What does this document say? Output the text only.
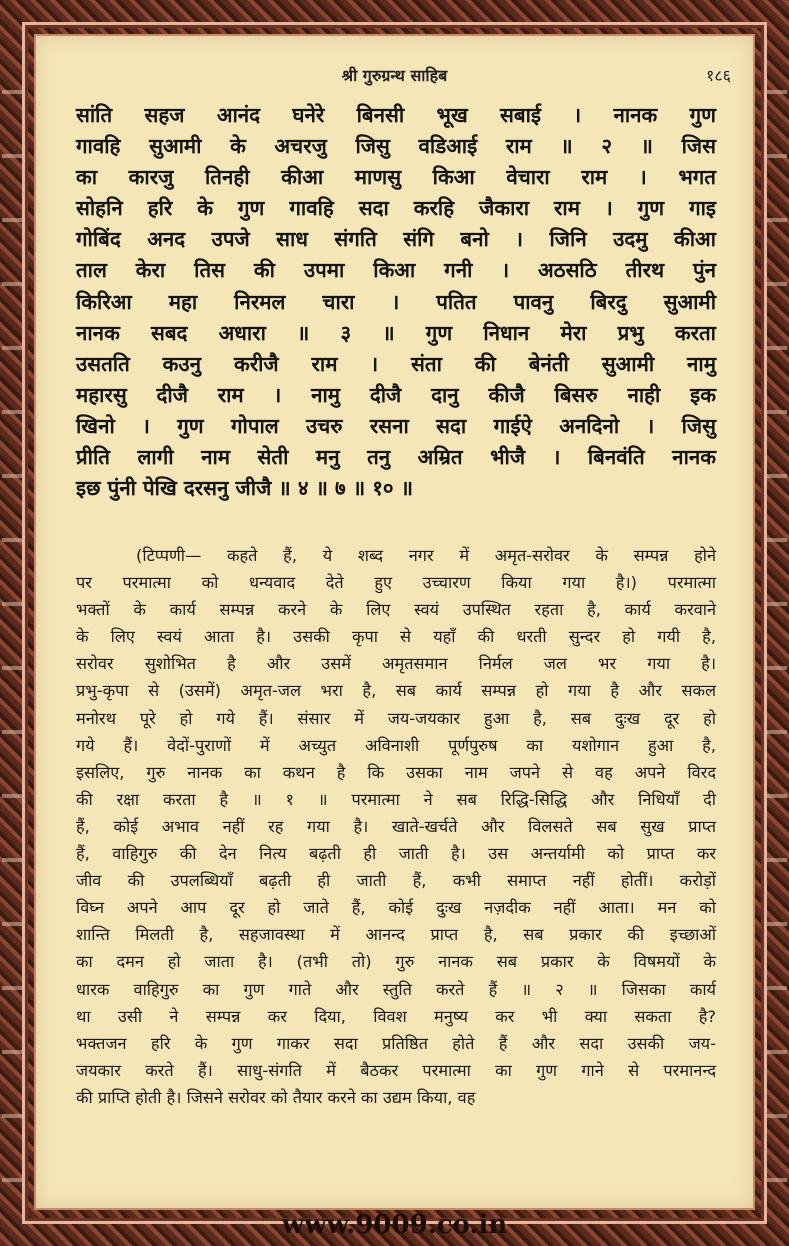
श्री गुरुग्रन्थ साहिब	१८६
सांति सहज आनंद घनेरे बिनसी भूख सबाई । नानक गुण
गावहि सुआमी के अचरजु जिसु वडिआई राम ॥ २ ॥ जिस
का कारजु तिनही कीआ माणसु किआ वेचारा राम । भगत
सोहनि हरि के गुण गावहि सदा करहि जैकारा राम । गुण गाइ
गोबिंद अनद उपजे साध संगति संगि बनो । जिनि उदमु कीआ
ताल केरा तिस की उपमा किआ गनी । अठसठि तीरथ पुंन
किरिआ महा निरमल चारा । पतित पावनु बिरदु सुआमी
नानक सबद अधारा ॥ ३ ॥ गुण निधान मेरा प्रभु करता
उसतति कउनु करीजै राम । संता की बेनंती सुआमी नामु
महारसु दीजै राम । नामु दीजै दानु कीजै बिसरु नाही इक
खिनो । गुण गोपाल उचरु रसना सदा गाईऐ अनदिनो । जिसु
प्रीति लागी नाम सेती मनु तनु अम्रित भीजै । बिनवंति नानक
इछ पुंनी पेखि दरसनु जीजै ॥ ४ ॥ ७ ॥ १० ॥
(टिप्पणी— कहते हैं, ये शब्द नगर में अमृत-सरोवर के सम्पन्न होने
पर परमात्मा को धन्यवाद देते हुए उच्चारण किया गया है।) परमात्मा
भक्तों के कार्य सम्पन्न करने के लिए स्वयं उपस्थित रहता है, कार्य करवाने
के लिए स्वयं आता है। उसकी कृपा से यहाँ की धरती सुन्दर हो गयी है,
सरोवर सुशोभित है और उसमें अमृतसमान निर्मल जल भर गया है।
प्रभु-कृपा से (उसमें) अमृत-जल भरा है, सब कार्य सम्पन्न हो गया है और सकल
मनोरथ पूरे हो गये हैं। संसार में जय-जयकार हुआ है, सब दुःख दूर हो
गये हैं। वेदों-पुराणों में अच्युत अविनाशी पूर्णपुरुष का यशोगान हुआ है,
इसलिए, गुरु नानक का कथन है कि उसका नाम जपने से वह अपने विरद
की रक्षा करता है ॥ १ ॥ परमात्मा ने सब रिद्धि-सिद्धि और निधियाँ दी
हैं, कोई अभाव नहीं रह गया है। खाते-खर्चते और विलसते सब सुख प्राप्त
हैं, वाहिगुरु की देन नित्य बढ़ती ही जाती है। उस अन्तर्यामी को प्राप्त कर
जीव की उपलब्धियाँ बढ़ती ही जाती हैं, कभी समाप्त नहीं होतीं। करोड़ों
विघ्न अपने आप दूर हो जाते हैं, कोई दुःख नज़दीक नहीं आता। मन को
शान्ति मिलती है, सहजावस्था में आनन्द प्राप्त है, सब प्रकार की इच्छाओं
का दमन हो जाता है। (तभी तो) गुरु नानक सब प्रकार के विषमयों के
धारक वाहिगुरु का गुण गाते और स्तुति करते हैं ॥ २ ॥ जिसका कार्य
था उसी ने सम्पन्न कर दिया, विवश मनुष्य कर भी क्या सकता है?
भक्तजन हरि के गुण गाकर सदा प्रतिष्ठित होते हैं और सदा उसकी जय-
जयकार करते हैं। साधु-संगति में बैठकर परमात्मा का गुण गाने से परमानन्द
की प्राप्ति होती है। जिसने सरोवर को तैयार करने का उद्यम किया, वह
www.9009.co.in
